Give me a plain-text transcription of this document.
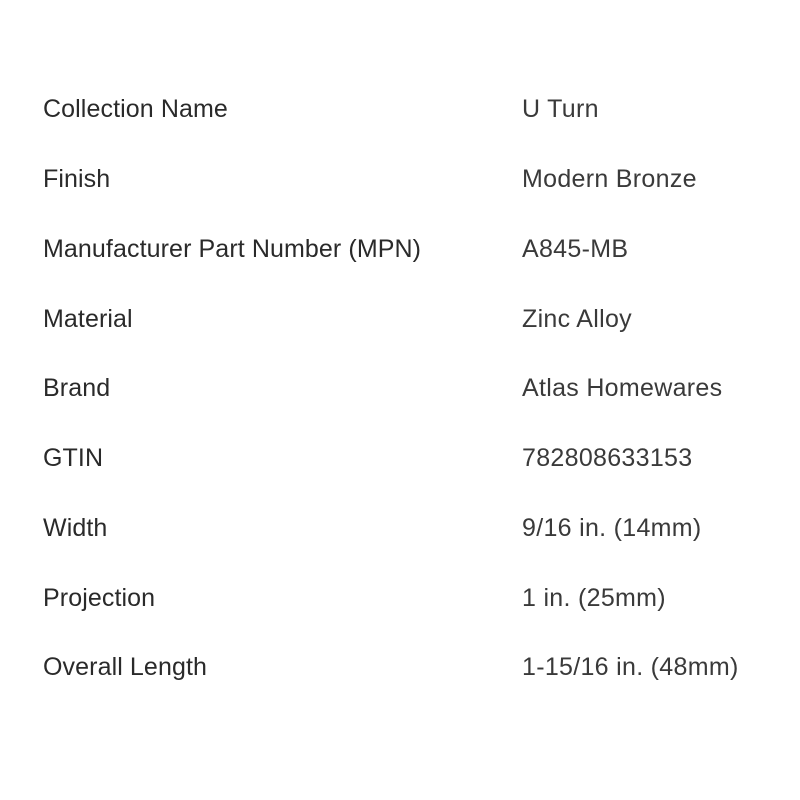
Collection Name	U Turn
Finish	Modern Bronze
Manufacturer Part Number (MPN)	A845-MB
Material	Zinc Alloy
Brand	Atlas Homewares
GTIN	782808633153
Width	9/16 in. (14mm)
Projection	1 in. (25mm)
Overall Length	1-15/16 in. (48mm)
